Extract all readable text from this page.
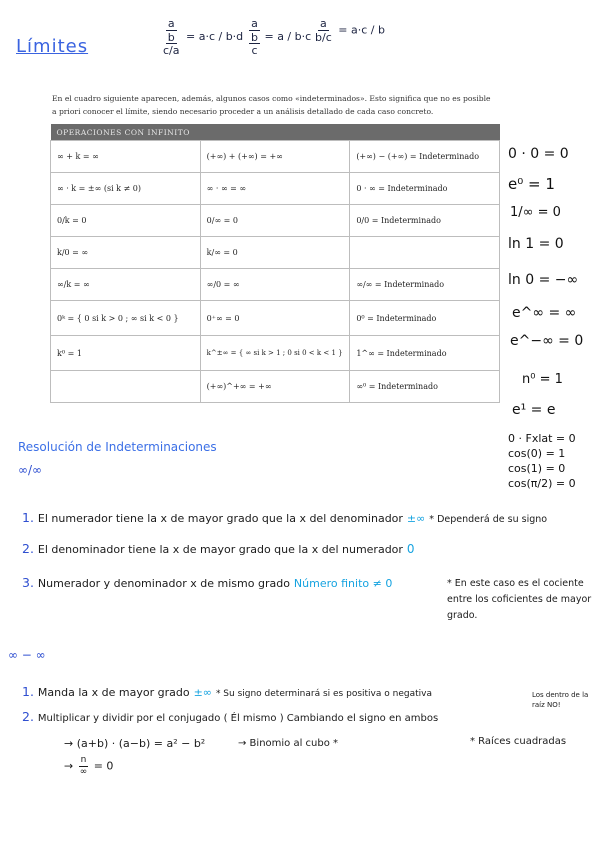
Límites
a
b
c/a
= a·c / b·d
a
b
c
= $a / b\cdot c \frac{a}{b/c} = a\cdot c / b$
En el cuadro siguiente aparecen, además, algunos casos como «indeterminados». Esto significa que no es posible a priori conocer el límite, siendo necesario proceder a un análisis detallado de cada caso concreto.
OPERACIONES CON INFINITO		
∞ + k = ∞	(+∞) + (+∞) = +∞	(+∞) − (+∞) = Indeterminado
∞ · k = ±∞ (si k ≠ 0)	∞ · ∞ = ∞	0 · ∞ = Indeterminado
0/k = 0	0/∞ = 0	0/0 = Indeterminado
k/0 = ∞	k/∞ = 0	
∞/k = ∞	∞/0 = ∞	∞/∞ = Indeterminado
0ᵏ = { 0 si k > 0 ; ∞ si k < 0 }	0⁺∞ = 0	0⁰ = Indeterminado
k⁰ = 1	k^±∞ = { ∞ si k > 1 ; 0 si 0 < k < 1 }	1^∞ = Indeterminado
	(+∞)^+∞ = +∞	∞⁰ = Indeterminado
0 · 0 = 0
e⁰ = 1
1/∞ = 0
ln 1 = 0
ln 0 = −∞
e^∞ = ∞
e^−∞ = 0
n⁰ = 1
e¹ = e
0 · Fxlat = 0
cos(0) = 1
cos(1) = 0
cos(π/2) = 0
Resolución de Indeterminaciones
∞/∞
1. El numerador tiene la x de mayor grado que la x del denominador ±∞ * Dependerá de su signo
2. El denominador tiene la x de mayor grado que la x del numerador 0
3. Numerador y denominador x de mismo grado Número finito ≠ 0	* En este caso es el cociente entre los coficientes de mayor grado.
∞ − ∞
1. Manda la x de mayor grado ±∞ * Su signo determinará si es positiva o negativa
2. Multiplicar y dividir por el conjugado ( Él mismo ) Cambiando el signo en ambos
Los dentro de la raíz NO!
→ (a+b) · (a−b) = a² − b²	→ Binomio al cubo *	* Raíces cuadradas
→ $\frac{n}{\infty} = 0$
